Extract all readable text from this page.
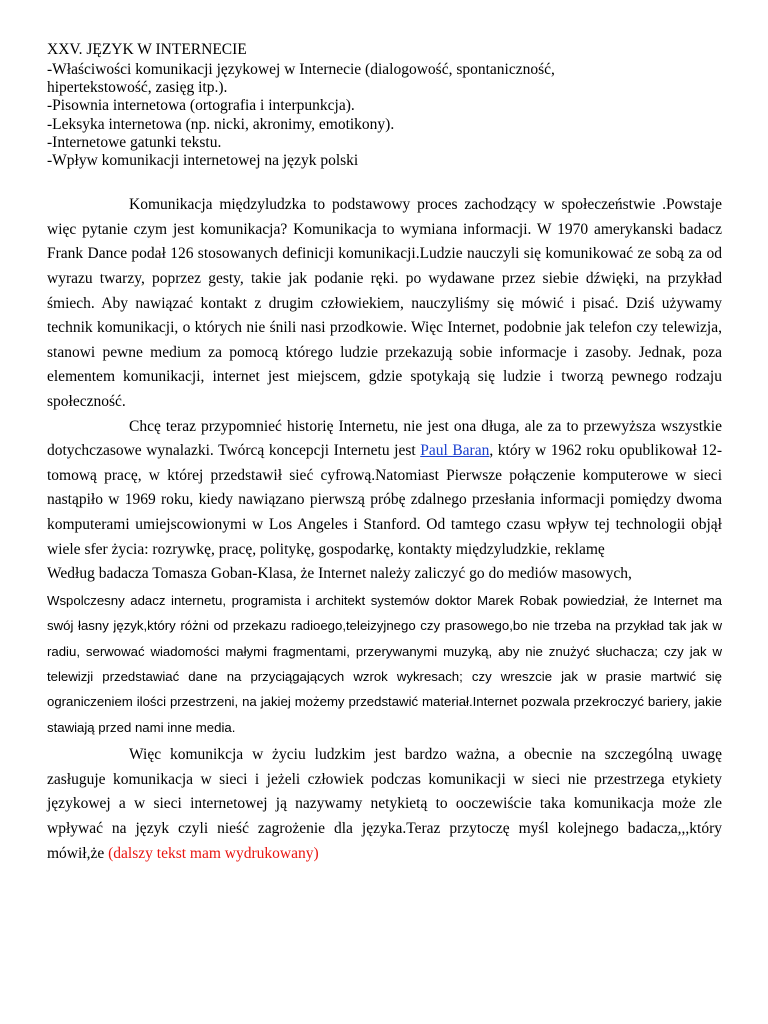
XXV. JĘZYK W INTERNECIE
-Właściwości komunikacji językowej w Internecie (dialogowość, spontaniczność,
hipertekstowość, zasięg itp.).
-Pisownia internetowa (ortografia i interpunkcja).
-Leksyka internetowa (np. nicki, akronimy, emotikony).
-Internetowe gatunki tekstu.
-Wpływ komunikacji internetowej na język polski

Komunikacja międzyludzka to podstawowy proces zachodzący w społeczeństwie .Powstaje więc pytanie czym jest komunikacja? Komunikacja to wymiana informacji. W 1970 amerykanski badacz Frank Dance podał 126 stosowanych definicji komunikacji.Ludzie nauczyli się komunikować ze sobą za od wyrazu twarzy, poprzez gesty, takie jak podanie ręki. po wydawane przez siebie dźwięki, na przykład śmiech. Aby nawiązać kontakt z drugim człowiekiem, nauczyliśmy się mówić i pisać. Dziś używamy technik komunikacji, o których nie śnili nasi przodkowie. Więc Internet, podobnie jak telefon czy telewizja, stanowi pewne medium za pomocą którego ludzie przekazują sobie informacje i zasoby. Jednak, poza elementem komunikacji, internet jest miejscem, gdzie spotykają się ludzie i tworzą pewnego rodzaju społeczność.

Chcę teraz przypomnieć historię Internetu, nie jest ona długa, ale za to przewyższa wszystkie dotychczasowe wynalazki. Twórcą koncepcji Internetu jest Paul Baran, który w 1962 roku opublikował 12-tomową pracę, w której przedstawił sieć cyfrową.Natomiast Pierwsze połączenie komputerowe w sieci nastąpiło w 1969 roku, kiedy nawiązano pierwszą próbę zdalnego przesłania informacji pomiędzy dwoma komputerami umiejscowionymi w Los Angeles i Stanford. Od tamtego czasu wpływ tej technologii objął wiele sfer życia: rozrywkę, pracę, politykę, gospodarkę, kontakty międzyludzkie, reklamę

Według badacza Tomasza Goban-Klasa, że Internet należy zaliczyć go do mediów masowych,

Wspolczesny adacz internetu, programista i architekt systemów doktor Marek Robak powiedział, że Internet ma swój łasny język,który różni od przekazu radioego,teleizyjnego czy prasowego,bo nie trzeba na przykład tak jak w radiu, serwować wiadomości małymi fragmentami, przerywanymi muzyką, aby nie znużyć słuchacza; czy jak w telewizji przedstawiać dane na przyciągających wzrok wykresach; czy wreszcie jak w prasie martwić się ograniczeniem ilości przestrzeni, na jakiej możemy przedstawić materiał.Internet pozwala przekroczyć bariery, jakie stawiają przed nami inne media.

Więc komunikcja w życiu ludzkim jest bardzo ważna, a obecnie na szczególną uwagę zasługuje komunikacja w sieci i jeżeli człowiek podczas komunikacji w sieci nie przestrzega etykiety językowej a w sieci internetowej ją nazywamy netykietą to ooczewiście taka komunikacja może zle wpływać na język czyli nieść zagrożenie dla języka.Teraz przytoczę myśl kolejnego badacza,,,który mówił,że (dalszy tekst mam wydrukowany)
